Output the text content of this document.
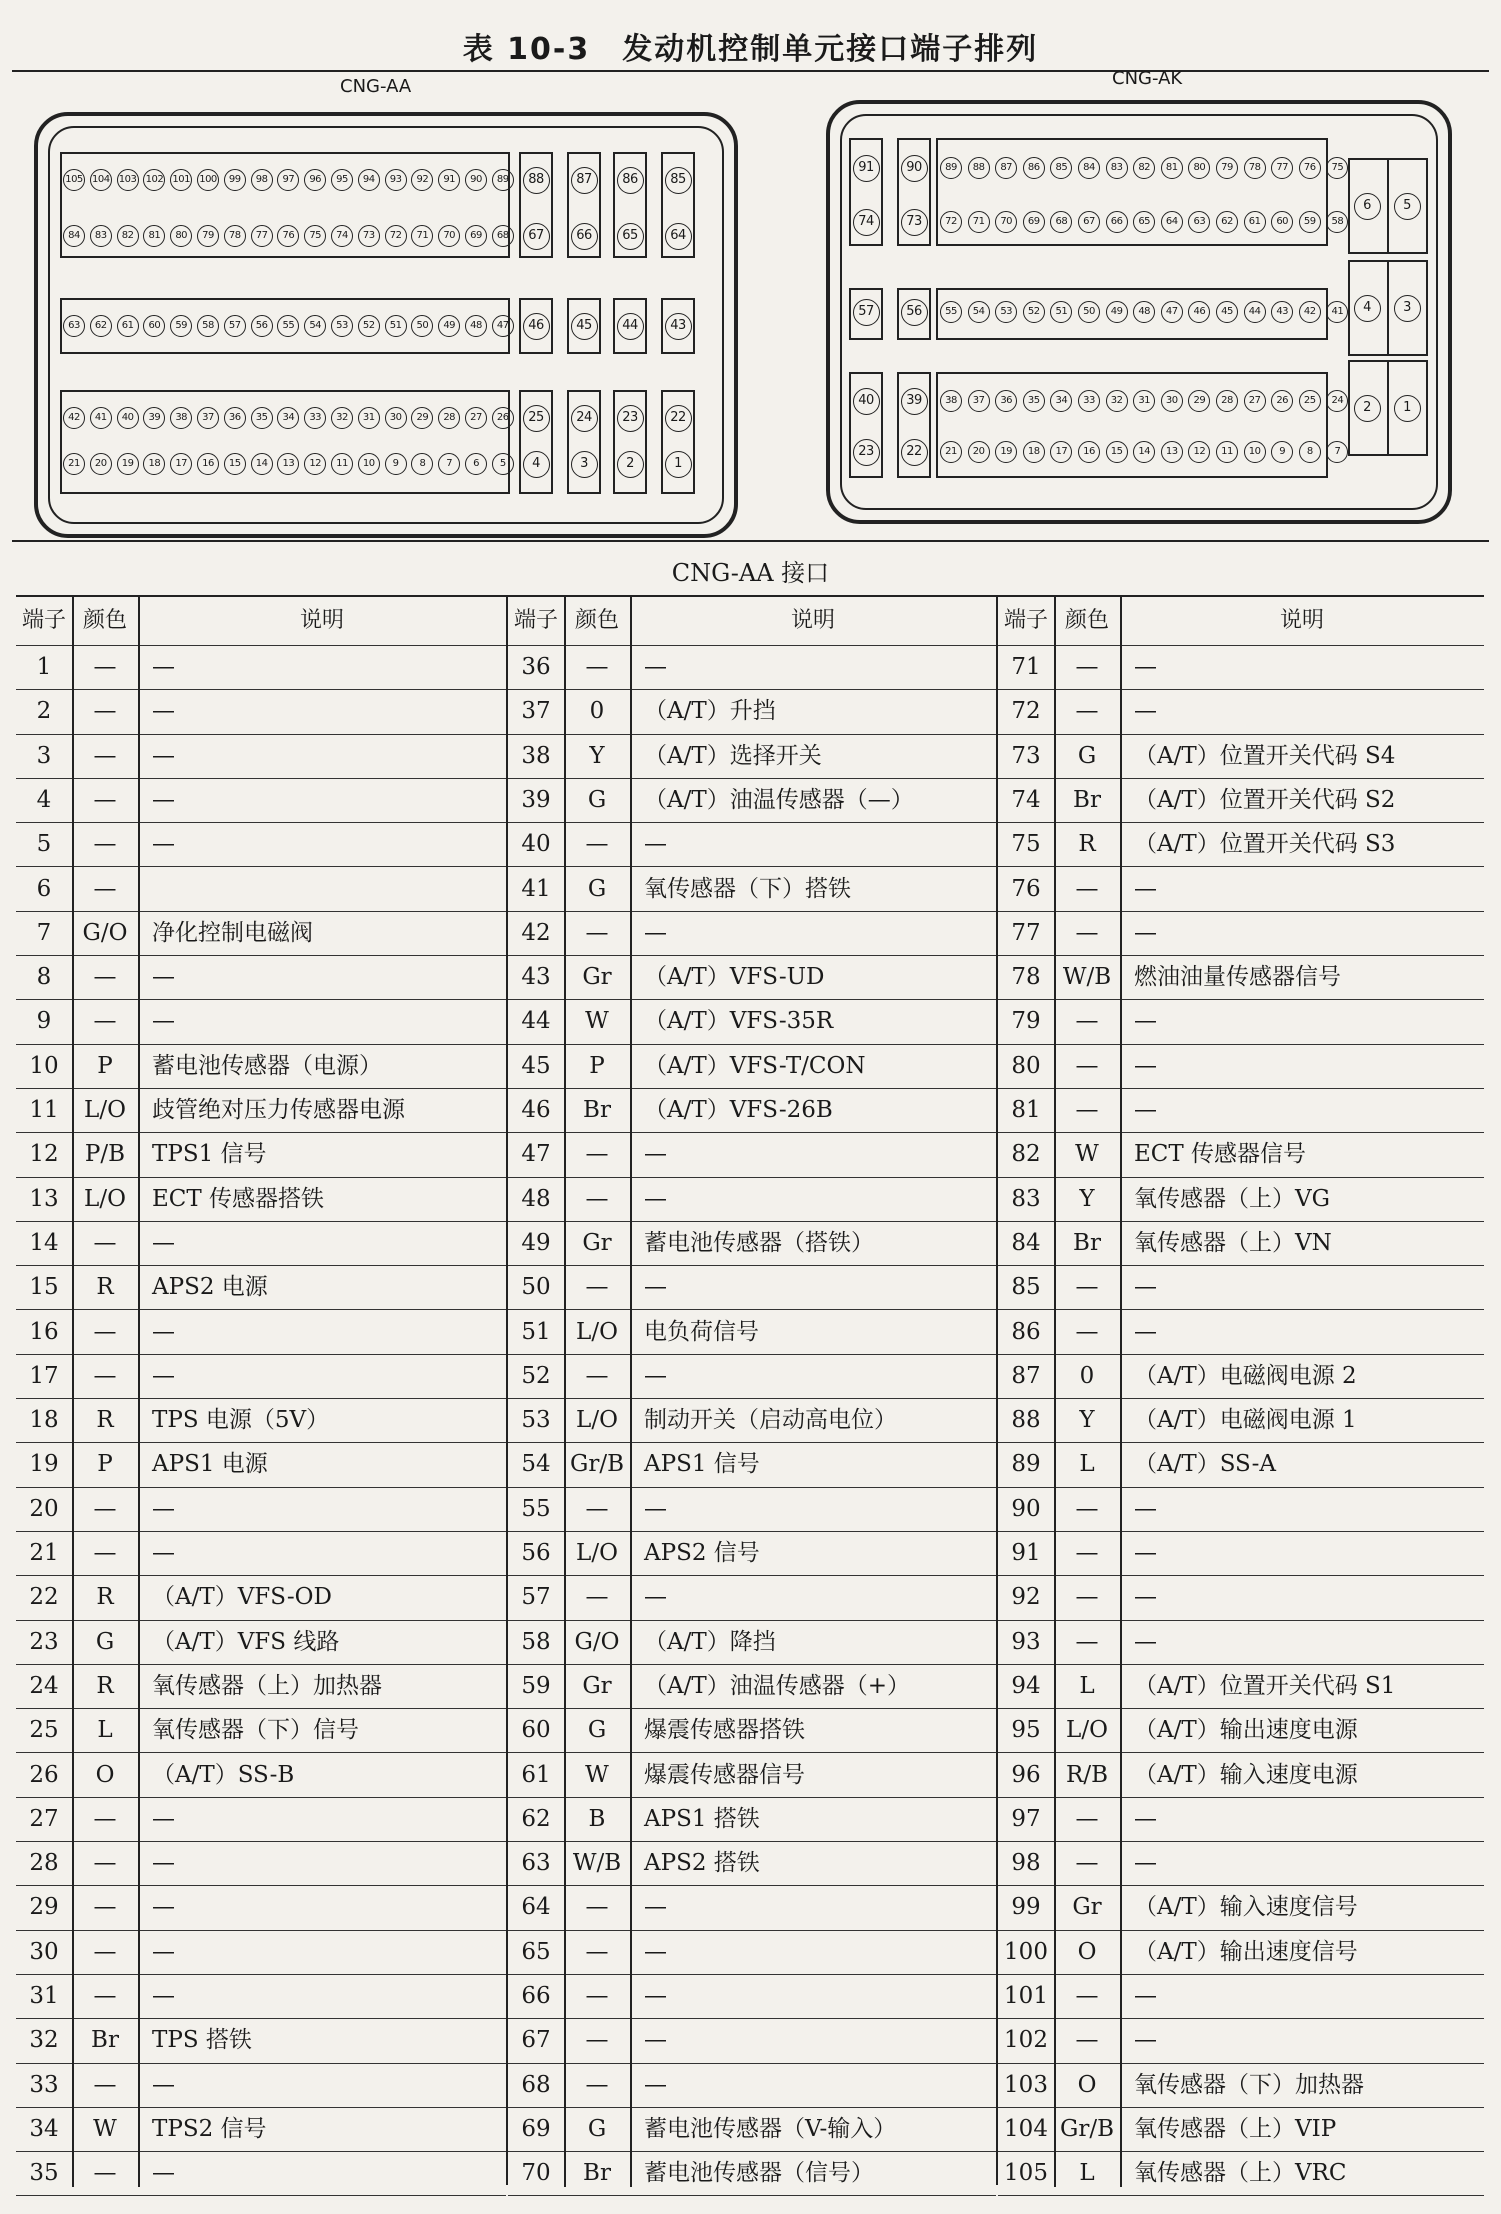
表 10-3　发动机控制单元接口端子排列
CNG-AA
105 104 103 102 101 100	99	98	97	96	95	94	93	92	91	90	89
84	83	82	81	80	79	78	77	76	75	74	73	72	71	70	69	68
63	62	61	60	59	58	57	56	55	54	53	52	51	50	49	48	47
42	41	40	39	38	37	36	35	34	33	32	31	30	29	28	27	26
21	20	19	18	17	16	15	14	13	12	11	10	9	8	7	6	5
88
67
46
25
4
87
66
45
24
3
86
65
44
23
2
85
64
43
22
1
CNG-AK
89	88	87	86	85	84	83	82	81	80	79	78	77	76	75
72	71	70	69	68	67	66	65	64	63	62	61	60	59	58
55	54	53	52	51	50	49	48	47	46	45	44	43	42	41
38	37	36	35	34	33	32	31	30	29	28	27	26	25	24
21	20	19	18	17	16	15	14	13	12	11	10	9	8	7
91
74
57
40
23
90
73
56
39
22
6	5
4	3
2	1
CNG-AA 接口
端子 颜色	说明
1	—	—
2	—	—
3	—	—
4	—	—
5	—	—
6	—
7	G/O	净化控制电磁阀
8	—	—
9	—	—
10	P	蓄电池传感器（电源）
11	L/O	歧管绝对压力传感器电源
12	P/B	TPS1 信号
13	L/O	ECT 传感器搭铁
14	—	—
15	R	APS2 电源
16	—	—
17	—	—
18	R	TPS 电源（5V）
19	P	APS1 电源
20	—	—
21	—	—
22	R	（A/T）VFS-OD
23	G	（A/T）VFS 线路
24	R	氧传感器（上）加热器
25	L	氧传感器（下）信号
26	O	（A/T）SS-B
27	—	—
28	—	—
29	—	—
30	—	—
31	—	—
32	Br	TPS 搭铁
33	—	—
34	W	TPS2 信号
35	—	—
端子 颜色	说明
36	—	—
37	0	（A/T）升挡
38	Y	（A/T）选择开关
39	G	（A/T）油温传感器（—）
40	—	—
41	G	氧传感器（下）搭铁
42	—	—
43	Gr	（A/T）VFS-UD
44	W	（A/T）VFS-35R
45	P	（A/T）VFS-T/CON
46	Br	（A/T）VFS-26B
47	—	—
48	—	—
49	Gr	蓄电池传感器（搭铁）
50	—	—
51	L/O	电负荷信号
52	—	—
53	L/O	制动开关（启动高电位）
54 Gr/B APS1 信号
55	—	—
56	L/O	APS2 信号
57	—	—
58	G/O	（A/T）降挡
59	Gr	（A/T）油温传感器（+）
60	G	爆震传感器搭铁
61	W	爆震传感器信号
62	B	APS1 搭铁
63 W/B APS2 搭铁
64	—	—
65	—	—
66	—	—
67	—	—
68	—	—
69	G	蓄电池传感器（V-输入）
70	Br	蓄电池传感器（信号）
端子 颜色	说明
71	—	—
72	—	—
73	G	（A/T）位置开关代码 S4
74	Br	（A/T）位置开关代码 S2
75	R	（A/T）位置开关代码 S3
76	—	—
77	—	—
78 W/B 燃油油量传感器信号
79	—	—
80	—	—
81	—	—
82	W	ECT 传感器信号
83	Y	氧传感器（上）VG
84	Br	氧传感器（上）VN
85	—	—
86	—	—
87	0	（A/T）电磁阀电源 2
88	Y	（A/T）电磁阀电源 1
89	L	（A/T）SS-A
90	—	—
91	—	—
92	—	—
93	—	—
94	L	（A/T）位置开关代码 S1
95	L/O	（A/T）输出速度电源
96	R/B	（A/T）输入速度电源
97	—	—
98	—	—
99	Gr	（A/T）输入速度信号
100	O	（A/T）输出速度信号
101	—	—
102	—	—
103	O	氧传感器（下）加热器
104 Gr/B 氧传感器（上）VIP
105	L	氧传感器（上）VRC
